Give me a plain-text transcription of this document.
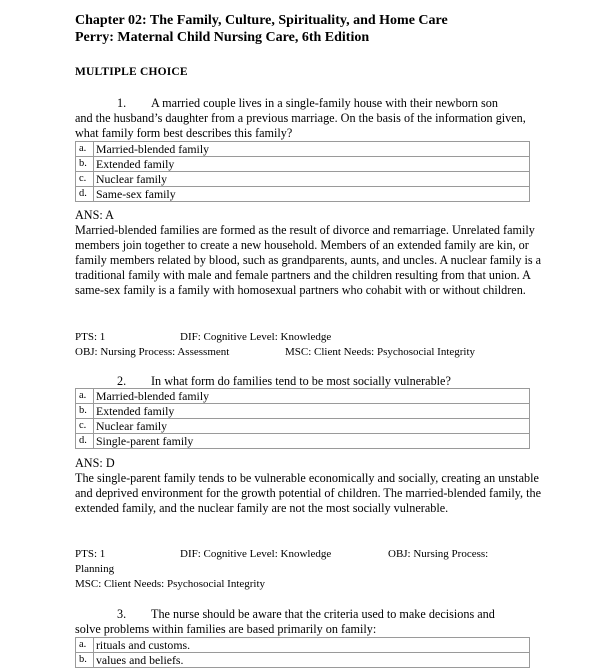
Chapter 02: The Family, Culture, Spirituality, and Home Care
Perry: Maternal Child Nursing Care, 6th Edition
MULTIPLE CHOICE
1. A married couple lives in a single-family house with their newborn son
and the husband’s daughter from a previous marriage. On the basis of the information given, what family form best describes this family?
a.	Married-blended family
b.	Extended family
c.	Nuclear family
d.	Same-sex family
ANS: A
Married-blended families are formed as the result of divorce and remarriage. Unrelated family members join together to create a new household. Members of an extended family are kin, or family members related by blood, such as grandparents, aunts, and uncles. A nuclear family is a traditional family with male and female partners and the children resulting from that union. A same-sex family is a family with homosexual partners who cohabit with or without children.
PTS: 1	DIF: Cognitive Level: Knowledge
OBJ: Nursing Process: Assessment	MSC: Client Needs: Psychosocial Integrity
2. In what form do families tend to be most socially vulnerable?
a.	Married-blended family
b.	Extended family
c.	Nuclear family
d.	Single-parent family
ANS: D
The single-parent family tends to be vulnerable economically and socially, creating an unstable and deprived environment for the growth potential of children. The married-blended family, the extended family, and the nuclear family are not the most socially vulnerable.
PTS: 1	DIF: Cognitive Level: Knowledge	OBJ: Nursing Process:
Planning
MSC: Client Needs: Psychosocial Integrity
3. The nurse should be aware that the criteria used to make decisions and
solve problems within families are based primarily on family:
a.	rituals and customs.
b.	values and beliefs.
